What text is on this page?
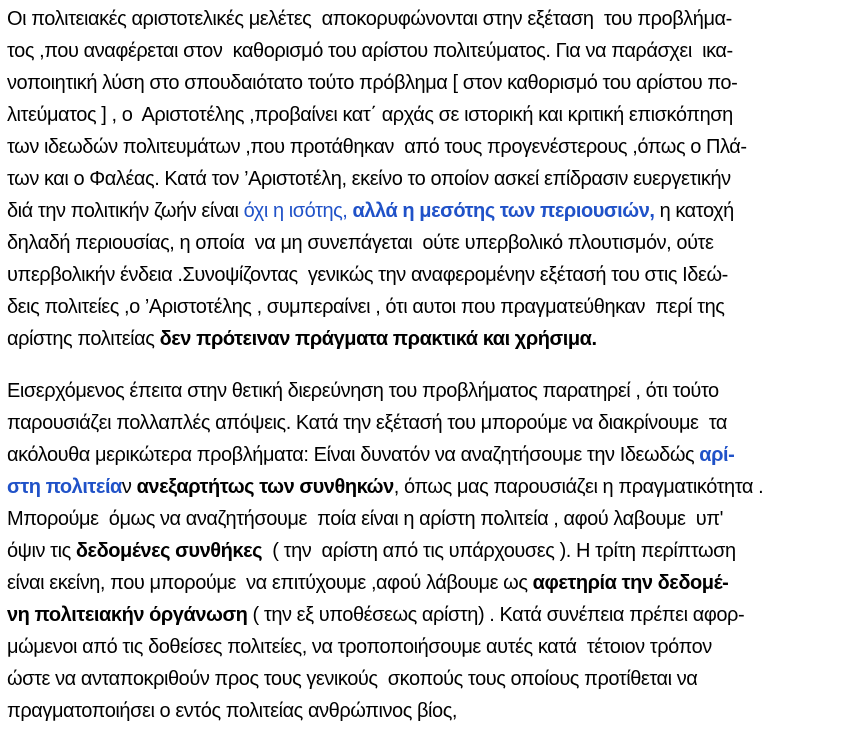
Οι πολιτειακές αριστοτελικές μελέτες  αποκορυφώνονται στην εξέταση  του προβλήμα-
τος ,που αναφέρεται στον  καθορισμό του αρίστου πολιτεύματος. Για να παράσχει  ικα-
νοποιητική λύση στο σπουδαιότατο τούτο πρόβλημα [ στον καθορισμό του αρίστου πο-
λιτεύματος ] , ο  Αριστοτέλης ,προβαίνει κατ΄ αρχάς σε ιστορική και κριτική επισκόπηση
των ιδεωδών πολιτευμάτων ,που προτάθηκαν  από τους προγενέστερους ,όπως ο Πλά-
των και ο Φαλέας. Κατά τον ’Αριστοτέλη, εκείνο το οποίον ασκεί επίδρασιν ευεργετικήν
διά την πολιτικήν ζωήν είναι όχι η ισότης, αλλά η μεσότης των περιουσιών, η κατοχή
δηλαδή περιουσίας, η οποία  να μη συνεπάγεται  ούτε υπερβολικό πλουτισμόν, ούτε
υπερβολικήν ένδεια .Συνοψίζοντας  γενικώς την αναφερομένην εξέτασή του στις Ιδεώ-
δεις πολιτείες ,ο ’Αριστοτέλης , συμπεραίνει , ότι αυτοι που πραγματεύθηκαν  περί της
αρίστης πολιτείας δεν πρότειναν πράγματα πρακτικά και χρήσιμα.
Εισερχόμενος έπειτα στην θετική διερεύνηση του προβλήματος παρατηρεί , ότι τούτο
παρουσιάζει πολλαπλές απόψεις. Κατά την εξέτασή του μπορούμε να διακρίνουμε  τα
ακόλουθα μερικώτερα προβλήματα: Είναι δυνατόν να αναζητήσουμε την Ιδεωδώς αρί-
στη πολιτείαν ανεξαρτήτως των συνθηκών, όπως μας παρουσιάζει η πραγματικότητα .
Μπορούμε  όμως να αναζητήσουμε  ποία είναι η αρίστη πολιτεία , αφού λαβουμε  υπ'
όψιν τις δεδομένες συνθήκες  ( την  αρίστη από τις υπάρχουσες ). Η τρίτη περίπτωση
είναι εκείνη, που μπορούμε  να επιτύχουμε ,αφού λάβουμε ως αφετηρία την δεδομέ-
νη πολιτειακήν όργάνωση ( την εξ υποθέσεως αρίστη) . Κατά συνέπεια πρέπει αφορ-
μώμενοι από τις δοθείσες πολιτείες, να τροποποιήσουμε αυτές κατά  τέτοιον τρόπον
ώστε να ανταποκριθούν προς τους γενικούς  σκοπούς τους οποίους προτίθεται να
πραγματοποιήσει ο εντός πολιτείας ανθρώπινος βίος,
